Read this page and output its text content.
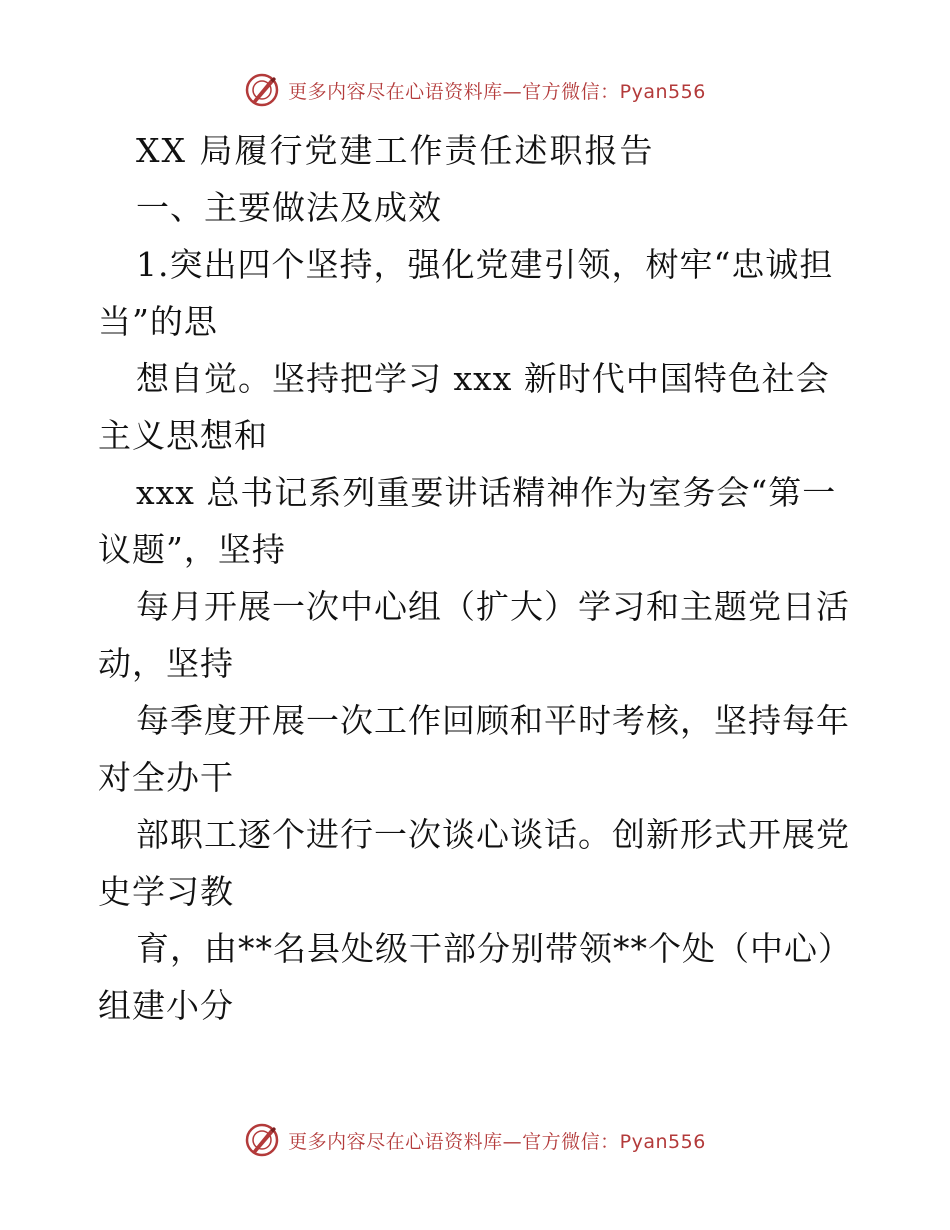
更多内容尽在心语资料库—官方微信：Pyan556
XX 局履行党建工作责任述职报告
一、主要做法及成效
1.突出四个坚持，强化党建引领，树牢“忠诚担
当”的思
想自觉。坚持把学习 xxx 新时代中国特色社会
主义思想和
xxx 总书记系列重要讲话精神作为室务会“第一
议题”，坚持
每月开展一次中心组（扩大）学习和主题党日活
动，坚持
每季度开展一次工作回顾和平时考核，坚持每年
对全办干
部职工逐个进行一次谈心谈话。创新形式开展党
史学习教
育，由**名县处级干部分别带领**个处（中心）
组建小分
更多内容尽在心语资料库—官方微信：Pyan556
